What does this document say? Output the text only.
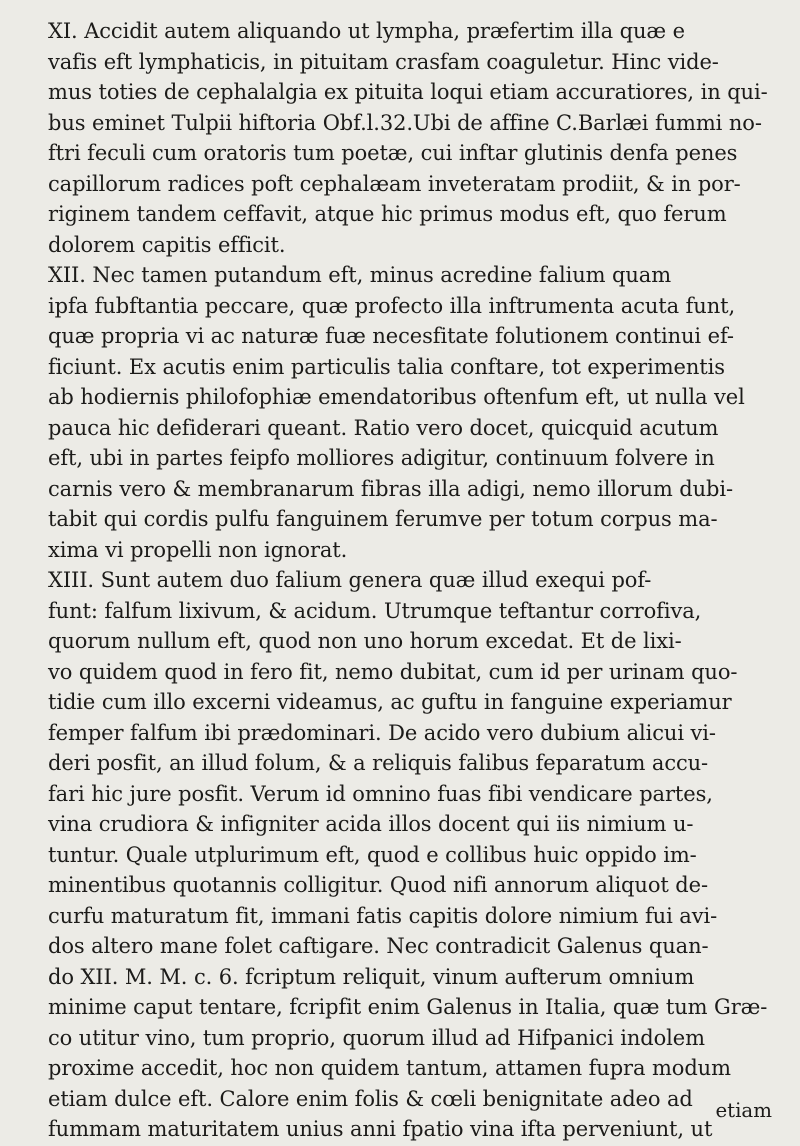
XI. Accidit autem aliquando ut lympha, præfertim illa quæ e
vafis eft lymphaticis, in pituitam crasfam coaguletur. Hinc vide-
mus toties de cephalalgia ex pituita loqui etiam accuratiores, in qui-
bus eminet Tulpii hiftoria Obf.l.32.Ubi de affine C.Barlæi fummi no-
ftri feculi cum oratoris tum poetæ, cui inftar glutinis denfa penes
capillorum radices poft cephalæam inveteratam prodiit, & in por-
riginem tandem ceffavit, atque hic primus modus eft, quo ferum
dolorem capitis efficit.
XII. Nec tamen putandum eft, minus acredine falium quam
ipfa fubftantia peccare, quæ profecto illa inftrumenta acuta funt,
quæ propria vi ac naturæ fuæ necesfitate folutionem continui ef-
ficiunt. Ex acutis enim particulis talia conftare, tot experimentis
ab hodiernis philofophiæ emendatoribus oftenfum eft, ut nulla vel
pauca hic defiderari queant. Ratio vero docet, quicquid acutum
eft, ubi in partes feipfo molliores adigitur, continuum folvere in
carnis vero & membranarum fibras illa adigi, nemo illorum dubi-
tabit qui cordis pulfu fanguinem ferumve per totum corpus ma-
xima vi propelli non ignorat.
XIII. Sunt autem duo falium genera quæ illud exequi pof-
funt: falfum lixivum, & acidum. Utrumque teftantur corrofiva,
quorum nullum eft, quod non uno horum excedat. Et de lixi-
vo quidem quod in fero fit, nemo dubitat, cum id per urinam quo-
tidie cum illo excerni videamus, ac guftu in fanguine experiamur
femper falfum ibi prædominari. De acido vero dubium alicui vi-
deri posfit, an illud folum, & a reliquis falibus feparatum accu-
fari hic jure posfit. Verum id omnino fuas fibi vendicare partes,
vina crudiora & infigniter acida illos docent qui iis nimium u-
tuntur. Quale utplurimum eft, quod e collibus huic oppido im-
minentibus quotannis colligitur. Quod nifi annorum aliquot de-
curfu maturatum fit, immani fatis capitis dolore nimium fui avi-
dos altero mane folet caftigare. Nec contradicit Galenus quan-
do XII. M. M. c. 6. fcriptum reliquit, vinum aufterum omnium
minime caput tentare, fcripfit enim Galenus in Italia, quæ tum Græ-
co utitur vino, tum proprio, quorum illud ad Hifpanici indolem
proxime accedit, hoc non quidem tantum, attamen fupra modum
etiam dulce eft. Calore enim folis & cœli benignitate adeo ad
fummam maturitatem unius anni fpatio vina ifta perveniunt, ut
etiam
